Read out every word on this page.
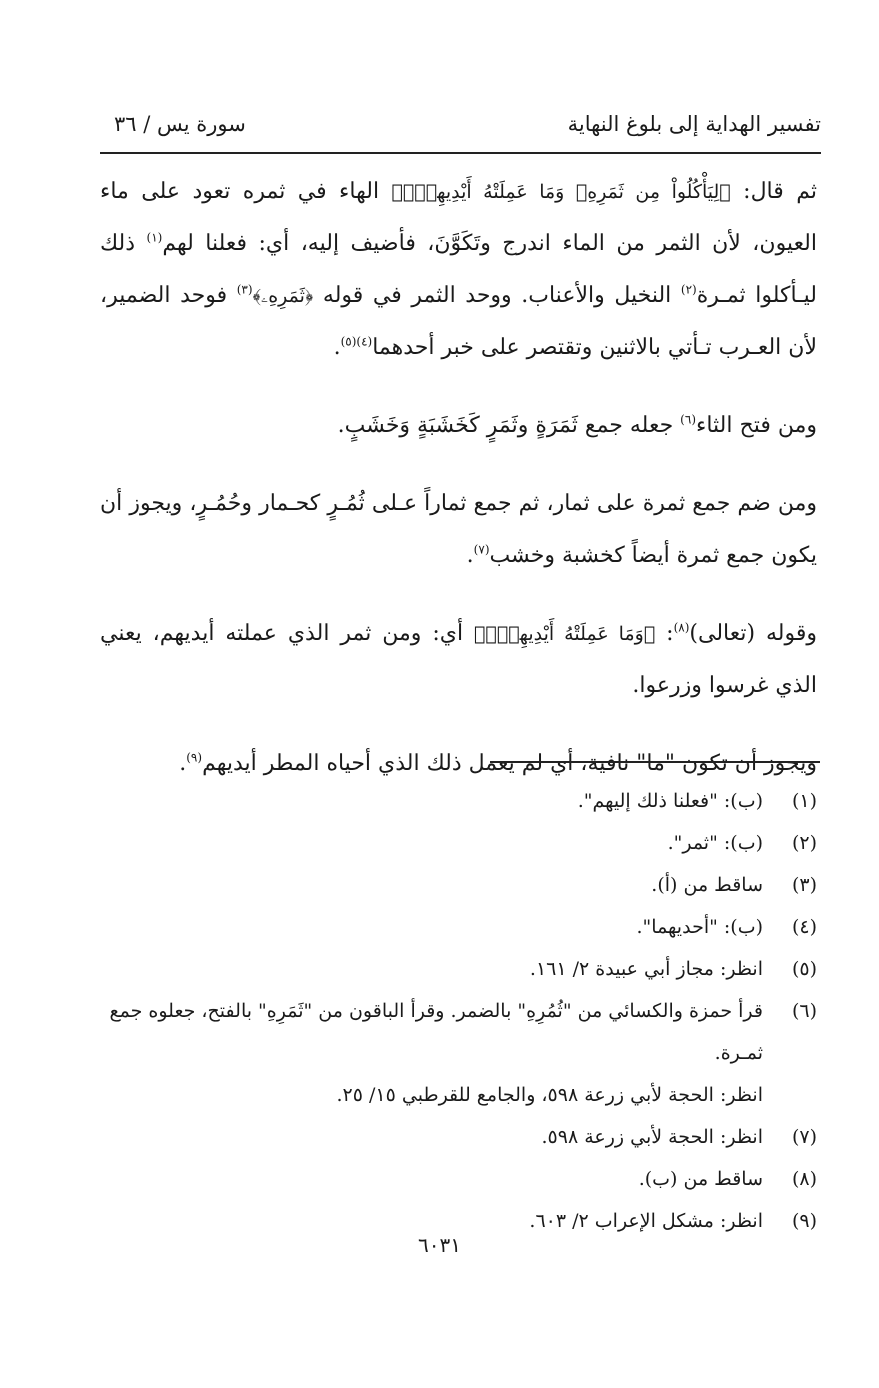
تفسير الهداية إلى بلوغ النهاية
سورة يس / ٣٦

ثم قال: ﴿لِيَأْكُلُواْ مِن ثَمَرِهِۦ وَمَا عَمِلَتْهُ أَيْدِيهِمْۚ﴾ الهاء في ثمره تعود على ماء العيون، لأن الثمر من الماء اندرج وتَكَوَّنَ، فأضيف إليه، أي: فعلنا لهم$^{(١)}$ ذلك ليـأكلوا ثمـرة$^{(٢)}$ النخيل والأعناب. ووحد الثمر في قوله ﴿ثَمَرِهِۦ﴾$^{(٣)}$ فوحد الضمير، لأن العـرب تـأتي بالاثنين وتقتصر على خبر أحدهما$^{(٤)(٥)}$.

ومن فتح الثاء$^{(٦)}$ جعله جمع ثَمَرَةٍ وثَمَرٍ كَخَشَبَةٍ وَخَشَبٍ.

ومن ضم جمع ثمرة على ثمار، ثم جمع ثماراً عـلى ثُمُـرٍ كحـمار وحُمُـرٍ، ويجوز أن يكون جمع ثمرة أيضاً كخشبة وخشب$^{(٧)}$.

وقوله (تعالى)$^{(٨)}$: ﴿وَمَا عَمِلَتْهُ أَيْدِيهِمْۚ﴾ أي: ومن ثمر الذي عملته أيديهم، يعني الذي غرسوا وزرعوا.

ويجوز أن تكون "ما" نافية، أي لم يعمل ذلك الذي أحياه المطر أيديهم$^{(٩)}$.

(١)
(ب): "فعلنا ذلك إليهم".
(٢)
(ب): "ثمر".
(٣)
ساقط من (أ).
(٤)
(ب): "أحديهما".
(٥)
انظر: مجاز أبي عبيدة ٢/ ١٦١.
(٦)
قرأ حمزة والكسائي من "ثُمُرِهِ" بالضمر. وقرأ الباقون من "ثَمَرِهِ" بالفتح، جعلوه جمع ثمـرة.
انظر: الحجة لأبي زرعة ٥٩٨، والجامع للقرطبي ١٥/ ٢٥.
(٧)
انظر: الحجة لأبي زرعة ٥٩٨.
(٨)
ساقط من (ب).
(٩)
انظر: مشكل الإعراب ٢/ ٦٠٣.
٦٠٣١
